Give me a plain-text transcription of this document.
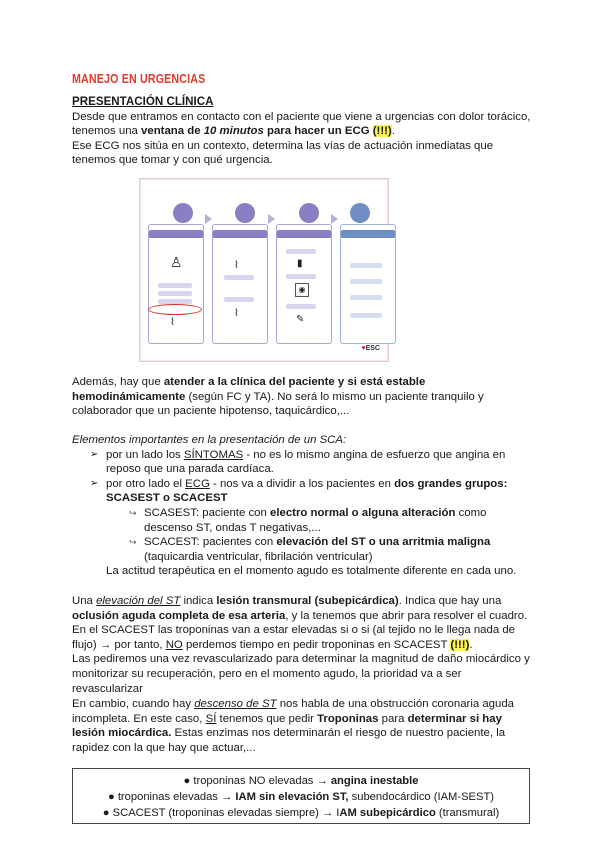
MANEJO EN URGENCIAS
PRESENTACIÓN CLÍNICA

Desde que entramos en contacto con el paciente que viene a urgencias con dolor torácico, tenemos una ventana de 10 minutos para hacer un ECG (!!!).

Ese ECG nos sitúa en un contexto, determina las vías de actuación inmediatas que tenemos que tomar y con qué urgencia.

♙
⌇
⌇
⌇
▮
◉
✎
♥ESC
Además, hay que atender a la clínica del paciente y si está estable hemodinámicamente (según FC y TA). No será lo mismo un paciente tranquilo y colaborador que un paciente hipotenso, taquicárdico,...

Elementos importantes en la presentación de un SCA:

➢ por un lado los SÍNTOMAS - no es lo mismo angina de esfuerzo que angina en reposo que una parada cardíaca.
➢ por otro lado el ECG - nos va a dividir a los pacientes en dos grandes grupos: SCASEST o SCACEST
↪ SCASEST: paciente con electro normal o alguna alteración como descenso ST, ondas T negativas,...
↪ SCACEST: pacientes con elevación del ST o una arritmia maligna (taquicardia ventricular, fibrilación ventricular)

La actitud terapéutica en el momento agudo es totalmente diferente en cada uno.

Una elevación del ST indica lesión transmural (subepicárdica). Indica que hay una oclusión aguda completa de esa arteria, y la tenemos que abrir para resolver el cuadro.

En el SCACEST las troponinas van a estar elevadas si o si (al tejido no le llega nada de flujo) → por tanto, NO perdemos tiempo en pedir troponinas en SCACEST (!!!).

Las pediremos una vez revascularizado para determinar la magnitud de daño miocárdico y monitorizar su recuperación, pero en el momento agudo, la prioridad va a ser revascularizar

En cambio, cuando hay descenso de ST nos habla de una obstrucción coronaria aguda incompleta. En este caso, SÍ tenemos que pedir Troponinas para determinar si hay lesión miocárdica. Estas enzimas nos determinarán el riesgo de nuestro paciente, la rapidez con la que hay que actuar,...
● troponinas NO elevadas → angina inestable
● troponinas elevadas → IAM sin elevación ST, subendocárdico (IAM-SEST)
● SCACEST (troponinas elevadas siempre) → IAM subepicárdico (transmural)
